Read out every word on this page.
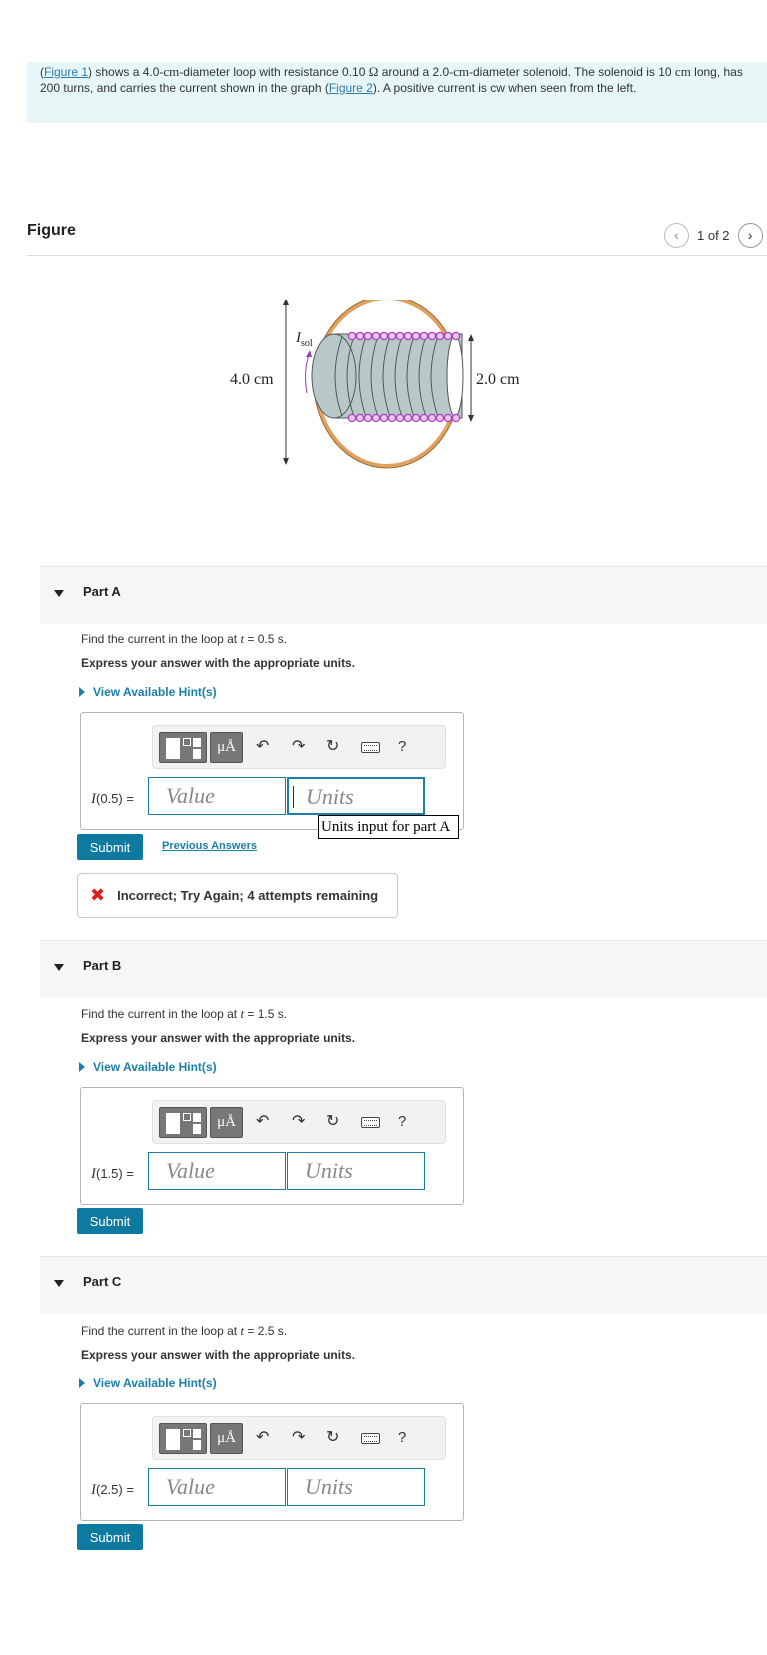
(Figure 1) shows a 4.0-cm-diameter loop with resistance 0.10 Ω around a 2.0-cm-diameter solenoid. The solenoid is 10 cm long, has 200 turns, and carries the current shown in the graph (Figure 2). A positive current is cw when seen from the left.
Figure	‹	1 of 2	›
4.0 cm
$I_{sol}$
2.0 cm
Part A
Find the current in the loop at t = 0.5 s.
Express your answer with the appropriate units.
View Available Hint(s)
μÅ	↶ ↷ ↻	?
I(0.5) =	Value	Units
Units input for part A
Submit	Previous Answers
✖ Incorrect; Try Again; 4 attempts remaining
Part B
Find the current in the loop at t = 1.5 s.
Express your answer with the appropriate units.
View Available Hint(s)
μÅ	↶ ↷ ↻	?
I(1.5) =	Value	Units
Submit
Part C
Find the current in the loop at t = 2.5 s.
Express your answer with the appropriate units.
View Available Hint(s)
μÅ	↶ ↷ ↻	?
I(2.5) =	Value	Units
Submit
